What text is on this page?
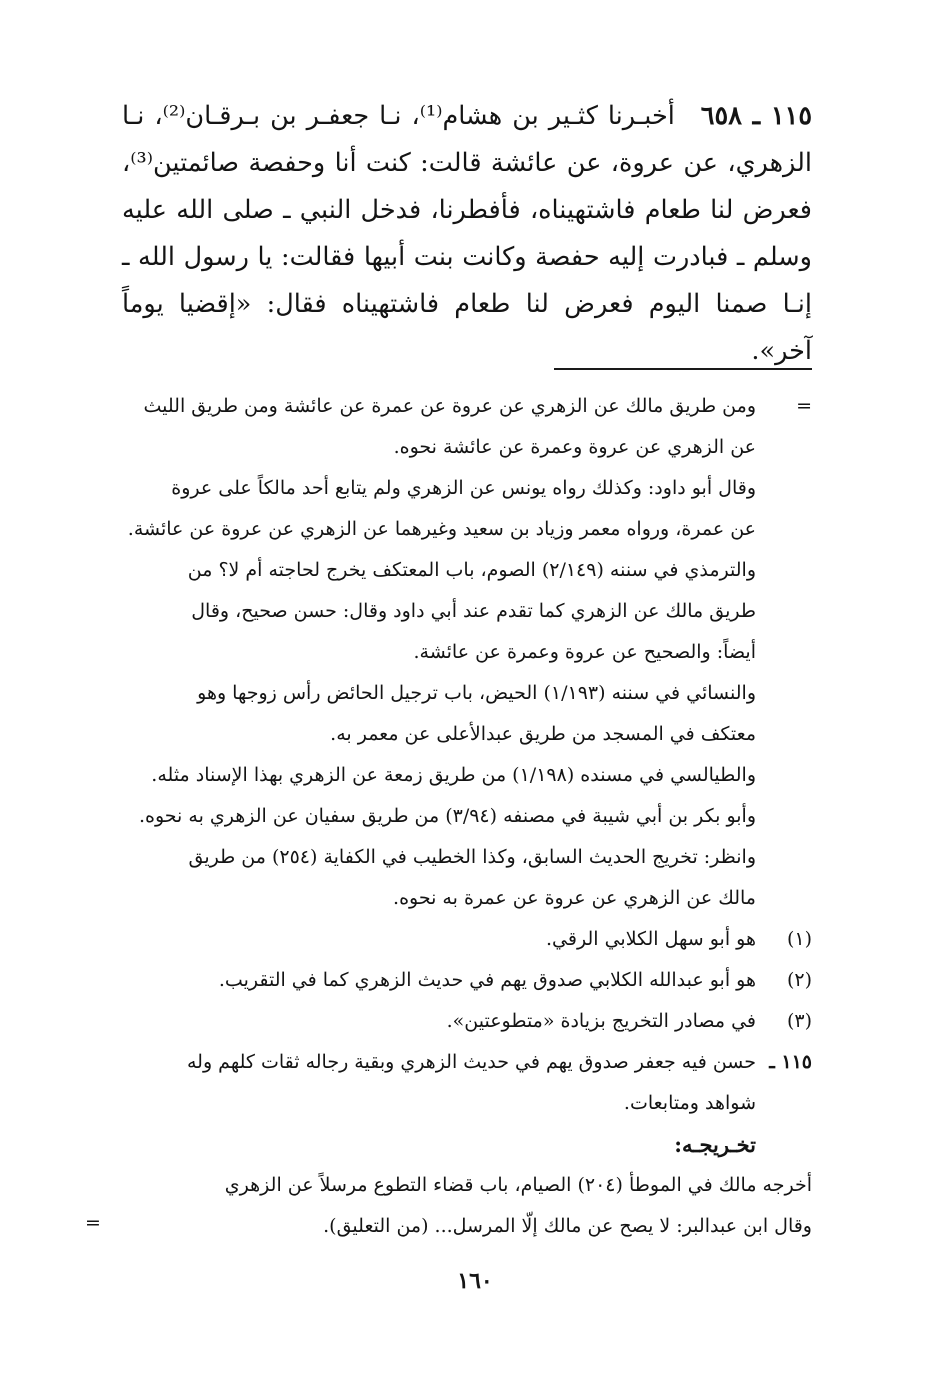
١١٥ ـ ٦٥٨أخبـرنا كثـير بن هشام⁽¹⁾، نـا جعفـر بن بـرقـان⁽²⁾، نـا الزهري، عن عروة، عن عائشة قالت: كنت أنا وحفصة صائمتين⁽³⁾، فعرض لنا طعام فاشتهيناه، فأفطرنا، فدخل النبي ـ صلى الله عليه وسلم ـ فبادرت إليه حفصة وكانت بنت أبيها فقالت: يا رسول الله ـ إنـا صمنا اليوم فعرض لنا طعام فاشتهيناه فقال: «إقضيا يوماً آخر».
=
ومن طريق مالك عن الزهري عن عروة عن عمرة عن عائشة ومن طريق الليث
عن الزهري عن عروة وعمرة عن عائشة نحوه.
وقال أبو داود: وكذلك رواه يونس عن الزهري ولم يتابع أحد مالكاً على عروة
عن عمرة، ورواه معمر وزياد بن سعيد وغيرهما عن الزهري عن عروة عن عائشة.
والترمذي في سننه (٢/١٤٩) الصوم، باب المعتكف يخرج لحاجته أم لا؟ من
طريق مالك عن الزهري كما تقدم عند أبي داود وقال: حسن صحيح، وقال
أيضاً: والصحيح عن عروة وعمرة عن عائشة.
والنسائي في سننه (١/١٩٣) الحيض، باب ترجيل الحائض رأس زوجها وهو
معتكف في المسجد من طريق عبدالأعلى عن معمر به.
والطيالسي في مسنده (١/١٩٨) من طريق زمعة عن الزهري بهذا الإسناد مثله.
وأبو بكر بن أبي شيبة في مصنفه (٣/٩٤) من طريق سفيان عن الزهري به نحوه.
وانظر: تخريج الحديث السابق، وكذا الخطيب في الكفاية (٢٥٤) من طريق
مالك عن الزهري عن عروة عن عمرة به نحوه.
(١)هو أبو سهل الكلابي الرقي.
(٢)هو أبو عبدالله الكلابي صدوق يهم في حديث الزهري كما في التقريب.
(٣)في مصادر التخريج بزيادة «متطوعتين».
١١٥ ـحسن فيه جعفر صدوق يهم في حديث الزهري وبقية رجاله ثقات كلهم وله
شواهد ومتابعات.
تخـريجـه:
أخرجه مالك في الموطأ (٢٠٤) الصيام، باب قضاء التطوع مرسلاً عن الزهري
وقال ابن عبدالبر: لا يصح عن مالك إلّا المرسل... (من التعليق).
=
١٦٠
